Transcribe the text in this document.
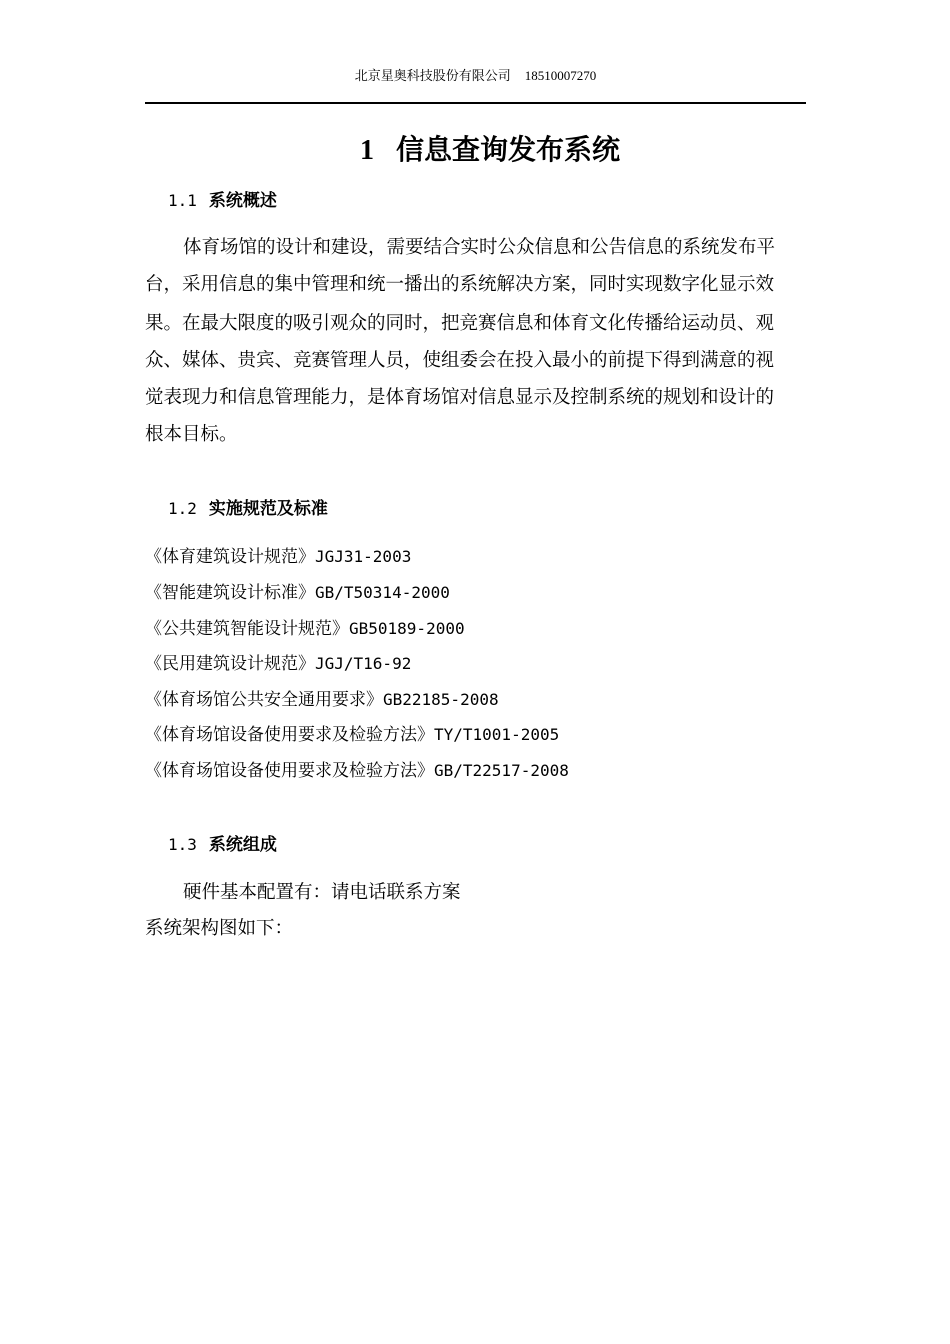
北京星奥科技股份有限公司 18510007270
1 信息查询发布系统
1.1 系统概述
体育场馆的设计和建设，需要结合实时公众信息和公告信息的系统发布平
台，采用信息的集中管理和统一播出的系统解决方案，同时实现数字化显示效
果。在最大限度的吸引观众的同时，把竞赛信息和体育文化传播给运动员、观
众、媒体、贵宾、竞赛管理人员，使组委会在投入最小的前提下得到满意的视
觉表现力和信息管理能力，是体育场馆对信息显示及控制系统的规划和设计的
根本目标。
1.2 实施规范及标准
《体育建筑设计规范》JGJ31-2003
《智能建筑设计标准》GB/T50314-2000
《公共建筑智能设计规范》GB50189-2000
《民用建筑设计规范》JGJ/T16-92
《体育场馆公共安全通用要求》GB22185-2008
《体育场馆设备使用要求及检验方法》TY/T1001-2005
《体育场馆设备使用要求及检验方法》GB/T22517-2008
1.3 系统组成
硬件基本配置有：请电话联系方案
系统架构图如下：
